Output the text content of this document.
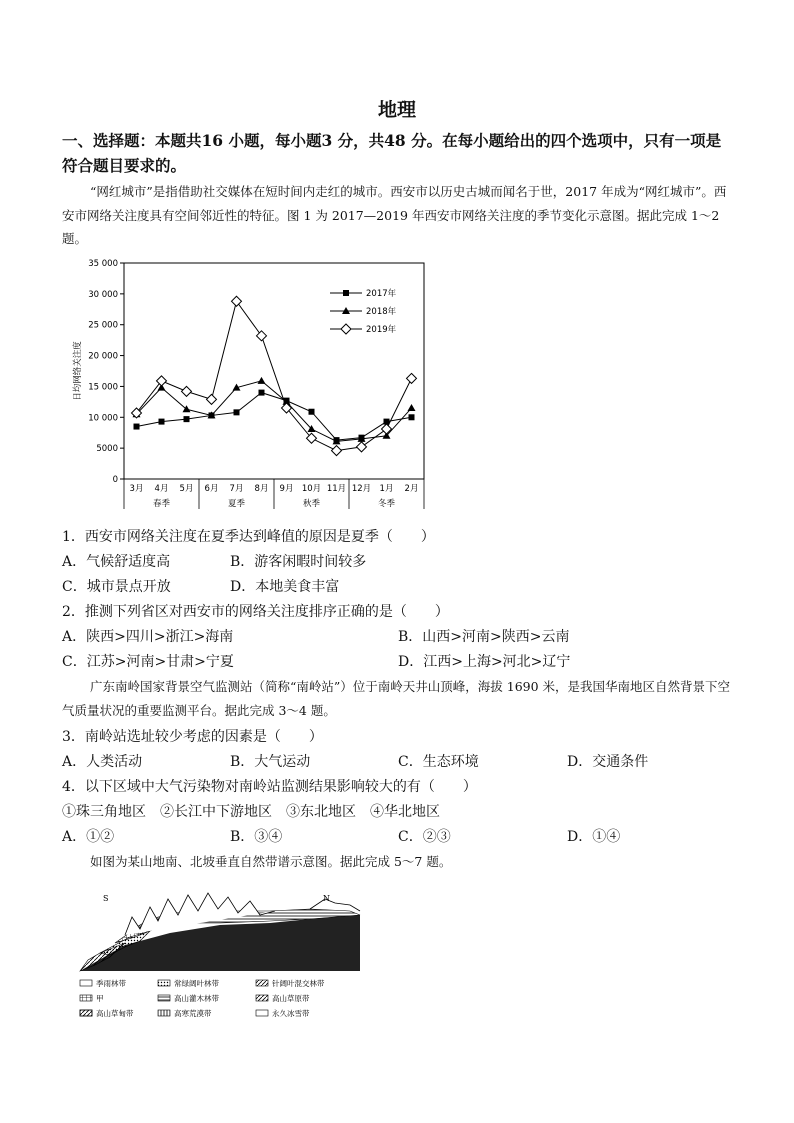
地理
一、选择题：本题共16 小题，每小题3 分，共48 分。在每小题给出的四个选项中，只有一项是符合题目要求的。
“网红城市”是指借助社交媒体在短时间内走红的城市。西安市以历史古城而闻名于世，2017 年成为“网红城市”。西安市网络关注度具有空间邻近性的特征。图 1 为 2017—2019 年西安市网络关注度的季节变化示意图。据此完成 1～2 题。
0
5000
10 000
15 000
20 000
25 000
30 000
35 000
日均网络关注度
3月 4月 5月 6月 7月 8月 9月 10月 11月 12月 1月 2月
春季	夏季	秋季	冬季
2017年
2018年
2019年
1．西安市网络关注度在夏季达到峰值的原因是夏季（　　）
A．气候舒适度高	B．游客闲暇时间较多
C．城市景点开放	D．本地美食丰富
2．推测下列省区对西安市的网络关注度排序正确的是（　　）
A．陕西>四川>浙江>海南	B．山西>河南>陕西>云南
C．江苏>河南>甘肃>宁夏	D．江西>上海>河北>辽宁
广东南岭国家背景空气监测站（简称“南岭站”）位于南岭天井山顶峰，海拔 1690 米，是我国华南地区自然背景下空气质量状况的重要监测平台。据此完成 3～4 题。
3．南岭站选址较少考虑的因素是（　　）
A．人类活动	B．大气运动	C．生态环境	D．交通条件
4．以下区域中大气污染物对南岭站监测结果影响较大的有（　　）
①珠三角地区　②长江中下游地区　③东北地区　④华北地区
A．①②	B．③④	C．②③	D．①④
如图为某山地南、北坡垂直自然带谱示意图。据此完成 5～7 题。
S	N
季雨林带	常绿阔叶林带	针阔叶混交林带
甲	高山灌木林带	高山草原带
高山草甸带	高寒荒漠带	永久冰雪带
